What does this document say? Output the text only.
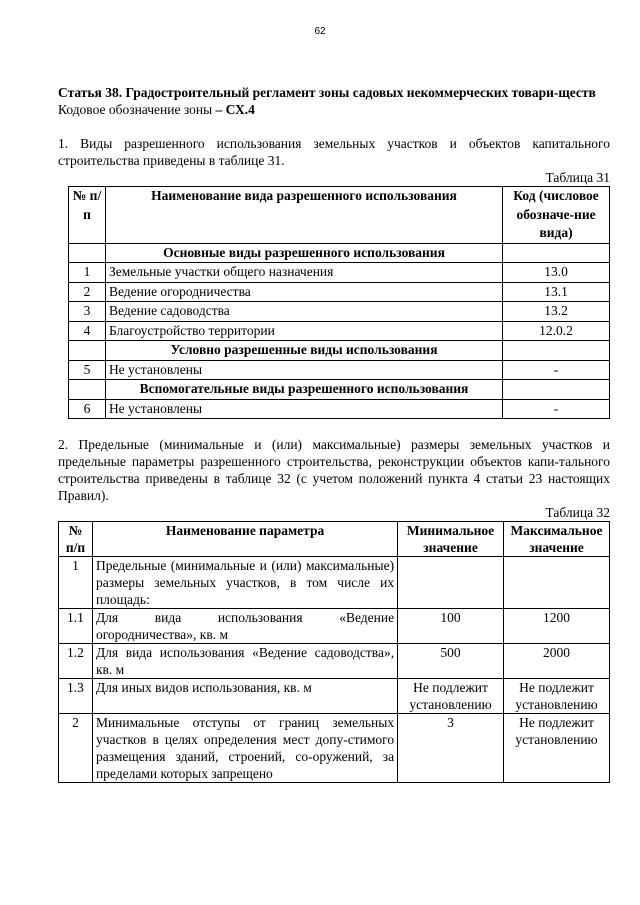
62
Статья 38. Градостроительный регламент зоны садовых некоммерческих товари-ществ
Кодовое обозначение зоны – СХ.4
1. Виды разрешенного использования земельных участков и объектов капитального строительства приведены в таблице 31.
Таблица 31
№ п/ п	Наименование вида разрешенного использования	Код (числовое обозначе-ние вида)
	Основные виды разрешенного использования	
1	Земельные участки общего назначения	13.0
2	Ведение огородничества	13.1
3	Ведение садоводства	13.2
4	Благоустройство территории	12.0.2
	Условно разрешенные виды использования	
5	Не установлены	-
	Вспомогательные виды разрешенного использования	
6	Не установлены	-
2. Предельные (минимальные и (или) максимальные) размеры земельных участков и предельные параметры разрешенного строительства, реконструкции объектов капи-тального строительства приведены в таблице 32 (с учетом положений пункта 4 статьи 23 настоящих Правил).
Таблица 32
№ п/п	Наименование параметра	Минимальное значение	Максимальное значение
1	Предельные (минимальные и (или) максимальные) размеры земельных участков, в том числе их площадь:		
1.1	Для вида использования «Ведение огородничества», кв. м	100	1200
1.2	Для вида использования «Ведение садоводства», кв. м	500	2000
1.3	Для иных видов использования, кв. м	Не подлежит установлению	Не подлежит установлению
2	Минимальные отступы от границ земельных участков в целях определения мест допу-стимого размещения зданий, строений, со-оружений, за пределами которых запрещено	3	Не подлежит установлению
